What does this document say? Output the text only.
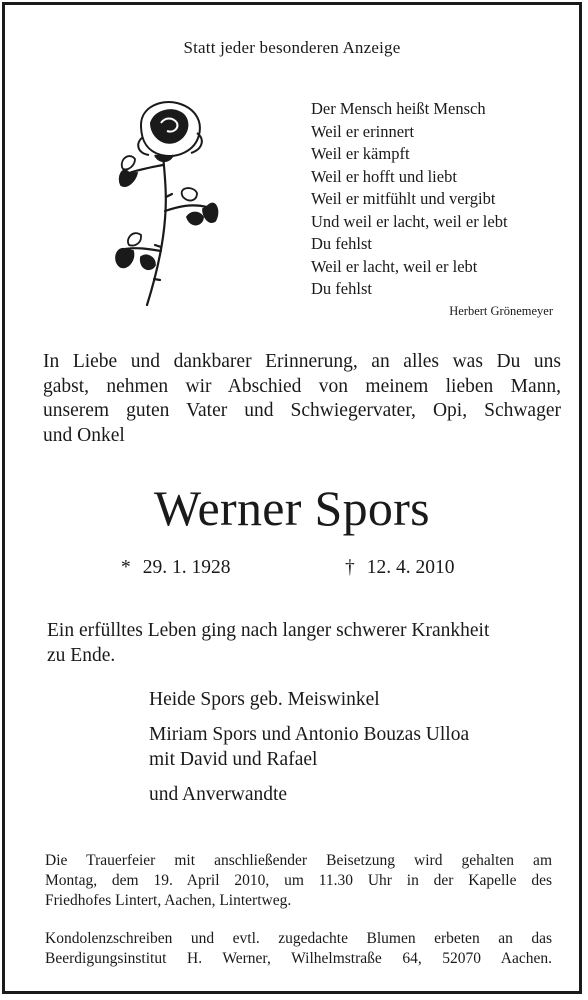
Statt jeder besonderen Anzeige
Der Mensch heißt Mensch
Weil er erinnert
Weil er kämpft
Weil er hofft und liebt
Weil er mitfühlt und vergibt
Und weil er lacht, weil er lebt
Du fehlst
Weil er lacht, weil er lebt
Du fehlst
Herbert Grönemeyer
In Liebe und dankbarer Erinnerung, an alles was Du uns
gabst, nehmen wir Abschied von meinem lieben Mann,
unserem guten Vater und Schwiegervater, Opi, Schwager
und Onkel
Werner Spors
* 29. 1. 1928	† 12. 4. 2010
Ein erfülltes Leben ging nach langer schwerer Krankheit
zu Ende.
Heide Spors geb. Meiswinkel
Miriam Spors und Antonio Bouzas Ulloa
mit David und Rafael
und Anverwandte
Die Trauerfeier mit anschließender Beisetzung wird gehalten am
Montag, dem 19. April 2010, um 11.30 Uhr in der Kapelle des
Friedhofes Lintert, Aachen, Lintertweg.
Kondolenzschreiben und evtl. zugedachte Blumen erbeten an das
Beerdigungsinstitut H. Werner, Wilhelmstraße 64, 52070 Aachen.
